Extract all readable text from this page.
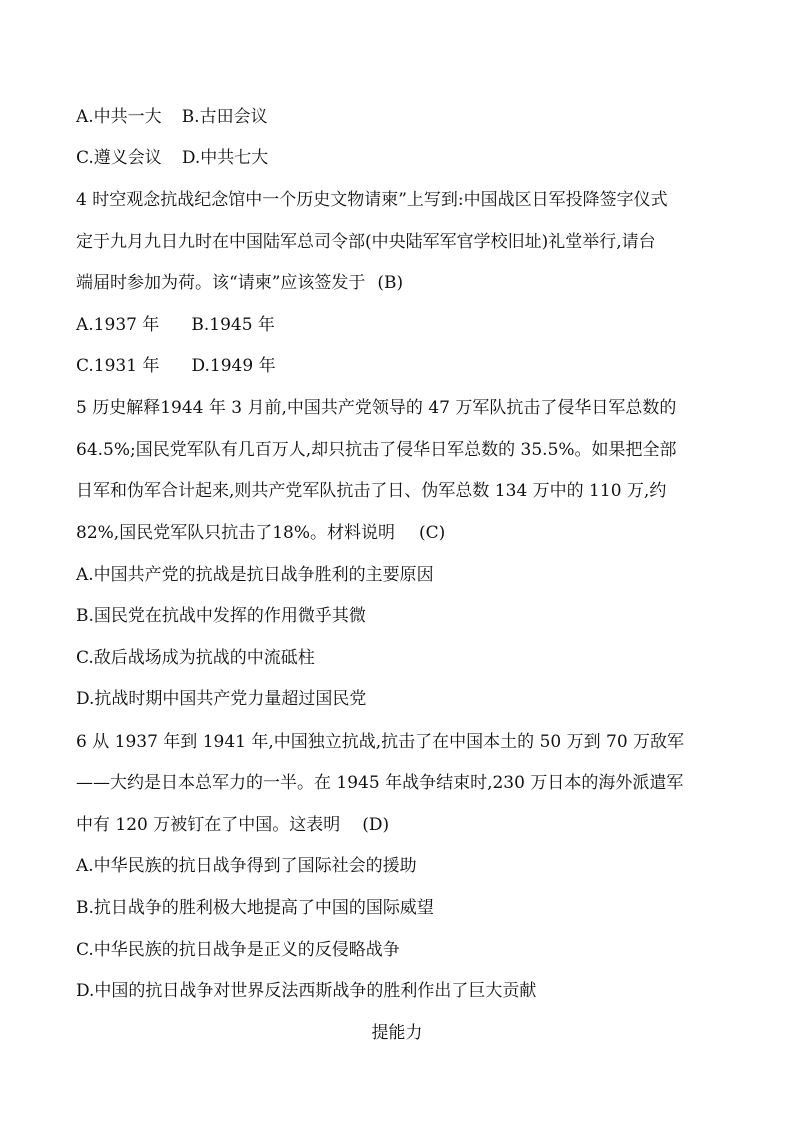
A.中共一大 B.古田会议
C.遵义会议 D.中共七大
4 时空观念抗战纪念馆中一个历史文物请柬”上写到:中国战区日军投降签字仪式
定于九月九日九时在中国陆军总司令部(中央陆军军官学校旧址)礼堂举行,请台
端届时参加为荷。该“请柬”应该签发于 (B)
A.1937 年 B.1945 年
C.1931 年 D.1949 年
5 历史解释1944 年 3 月前,中国共产党领导的 47 万军队抗击了侵华日军总数的
64.5%;国民党军队有几百万人,却只抗击了侵华日军总数的 35.5%。如果把全部
日军和伪军合计起来,则共产党军队抗击了日、伪军总数 134 万中的 110 万,约
82%,国民党军队只抗击了18%。材料说明 (C)
A.中国共产党的抗战是抗日战争胜利的主要原因
B.国民党在抗战中发挥的作用微乎其微
C.敌后战场成为抗战的中流砥柱
D.抗战时期中国共产党力量超过国民党
6 从 1937 年到 1941 年,中国独立抗战,抗击了在中国本土的 50 万到 70 万敌军
——大约是日本总军力的一半。在 1945 年战争结束时,230 万日本的海外派遣军
中有 120 万被钉在了中国。这表明 (D)
A.中华民族的抗日战争得到了国际社会的援助
B.抗日战争的胜利极大地提高了中国的国际威望
C.中华民族的抗日战争是正义的反侵略战争
D.中国的抗日战争对世界反法西斯战争的胜利作出了巨大贡献
提能力
